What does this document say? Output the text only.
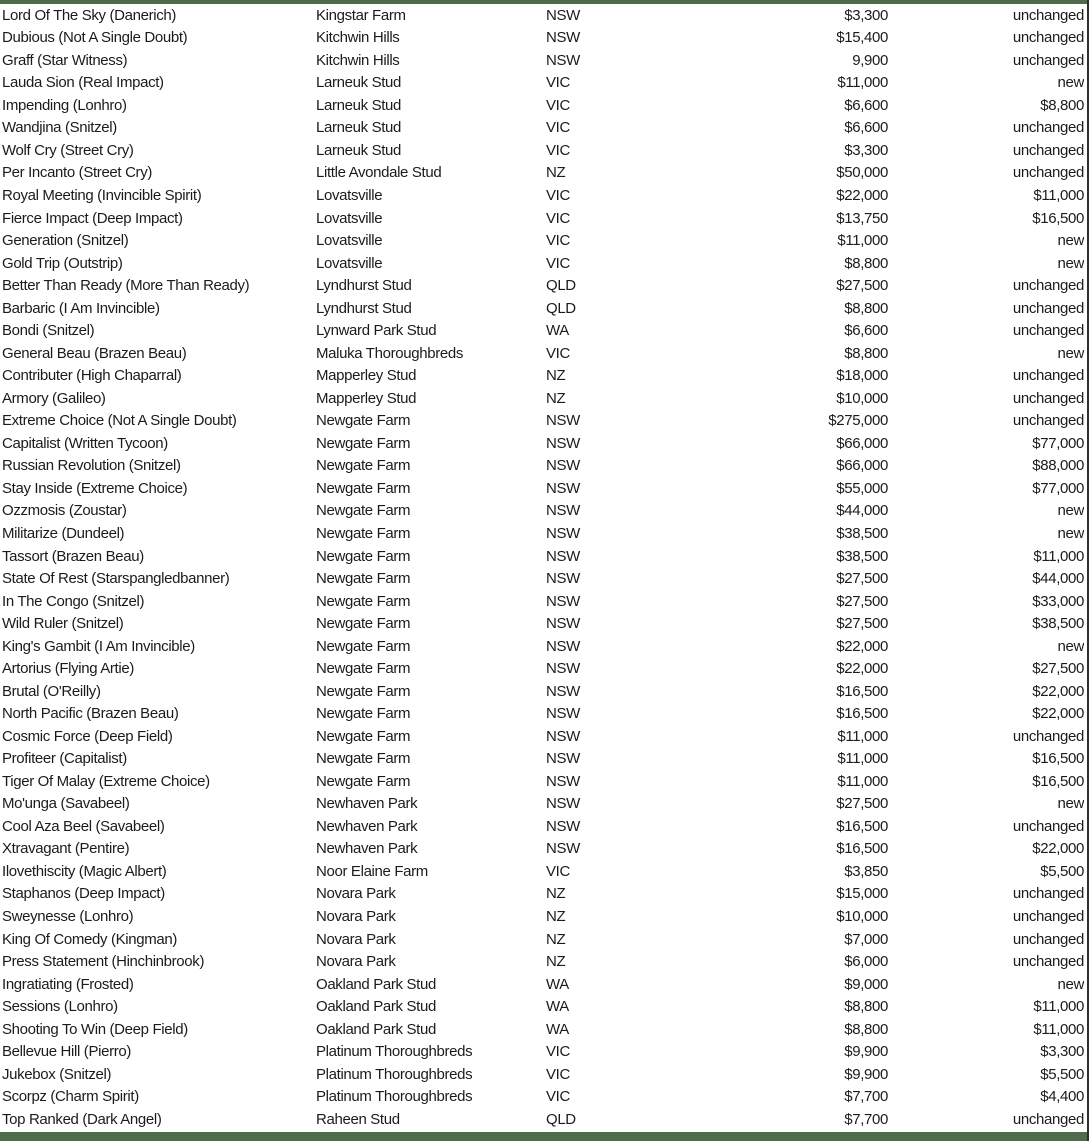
Lord Of The Sky (Danerich)	Kingstar Farm	NSW	$3,300	unchanged
Dubious (Not A Single Doubt)	Kitchwin Hills	NSW	$15,400	unchanged
Graff (Star Witness)	Kitchwin Hills	NSW	9,900	unchanged
Lauda Sion (Real Impact)	Larneuk Stud	VIC	$11,000	new
Impending (Lonhro)	Larneuk Stud	VIC	$6,600	$8,800
Wandjina (Snitzel)	Larneuk Stud	VIC	$6,600	unchanged
Wolf Cry (Street Cry)	Larneuk Stud	VIC	$3,300	unchanged
Per Incanto (Street Cry)	Little Avondale Stud	NZ	$50,000	unchanged
Royal Meeting (Invincible Spirit)	Lovatsville	VIC	$22,000	$11,000
Fierce Impact (Deep Impact)	Lovatsville	VIC	$13,750	$16,500
Generation (Snitzel)	Lovatsville	VIC	$11,000	new
Gold Trip (Outstrip)	Lovatsville	VIC	$8,800	new
Better Than Ready (More Than Ready)	Lyndhurst Stud	QLD	$27,500	unchanged
Barbaric (I Am Invincible)	Lyndhurst Stud	QLD	$8,800	unchanged
Bondi (Snitzel)	Lynward Park Stud	WA	$6,600	unchanged
General Beau (Brazen Beau)	Maluka Thoroughbreds	VIC	$8,800	new
Contributer (High Chaparral)	Mapperley Stud	NZ	$18,000	unchanged
Armory (Galileo)	Mapperley Stud	NZ	$10,000	unchanged
Extreme Choice (Not A Single Doubt)	Newgate Farm	NSW	$275,000	unchanged
Capitalist (Written Tycoon)	Newgate Farm	NSW	$66,000	$77,000
Russian Revolution (Snitzel)	Newgate Farm	NSW	$66,000	$88,000
Stay Inside (Extreme Choice)	Newgate Farm	NSW	$55,000	$77,000
Ozzmosis (Zoustar)	Newgate Farm	NSW	$44,000	new
Militarize (Dundeel)	Newgate Farm	NSW	$38,500	new
Tassort (Brazen Beau)	Newgate Farm	NSW	$38,500	$11,000
State Of Rest (Starspangledbanner)	Newgate Farm	NSW	$27,500	$44,000
In The Congo (Snitzel)	Newgate Farm	NSW	$27,500	$33,000
Wild Ruler (Snitzel)	Newgate Farm	NSW	$27,500	$38,500
King's Gambit (I Am Invincible)	Newgate Farm	NSW	$22,000	new
Artorius (Flying Artie)	Newgate Farm	NSW	$22,000	$27,500
Brutal (O'Reilly)	Newgate Farm	NSW	$16,500	$22,000
North Pacific (Brazen Beau)	Newgate Farm	NSW	$16,500	$22,000
Cosmic Force (Deep Field)	Newgate Farm	NSW	$11,000	unchanged
Profiteer (Capitalist)	Newgate Farm	NSW	$11,000	$16,500
Tiger Of Malay (Extreme Choice)	Newgate Farm	NSW	$11,000	$16,500
Mo'unga (Savabeel)	Newhaven Park	NSW	$27,500	new
Cool Aza Beel (Savabeel)	Newhaven Park	NSW	$16,500	unchanged
Xtravagant (Pentire)	Newhaven Park	NSW	$16,500	$22,000
Ilovethiscity (Magic Albert)	Noor Elaine Farm	VIC	$3,850	$5,500
Staphanos (Deep Impact)	Novara Park	NZ	$15,000	unchanged
Sweynesse (Lonhro)	Novara Park	NZ	$10,000	unchanged
King Of Comedy (Kingman)	Novara Park	NZ	$7,000	unchanged
Press Statement (Hinchinbrook)	Novara Park	NZ	$6,000	unchanged
Ingratiating (Frosted)	Oakland Park Stud	WA	$9,000	new
Sessions (Lonhro)	Oakland Park Stud	WA	$8,800	$11,000
Shooting To Win (Deep Field)	Oakland Park Stud	WA	$8,800	$11,000
Bellevue Hill (Pierro)	Platinum Thoroughbreds	VIC	$9,900	$3,300
Jukebox (Snitzel)	Platinum Thoroughbreds	VIC	$9,900	$5,500
Scorpz (Charm Spirit)	Platinum Thoroughbreds	VIC	$7,700	$4,400
Top Ranked (Dark Angel)	Raheen Stud	QLD	$7,700	unchanged
